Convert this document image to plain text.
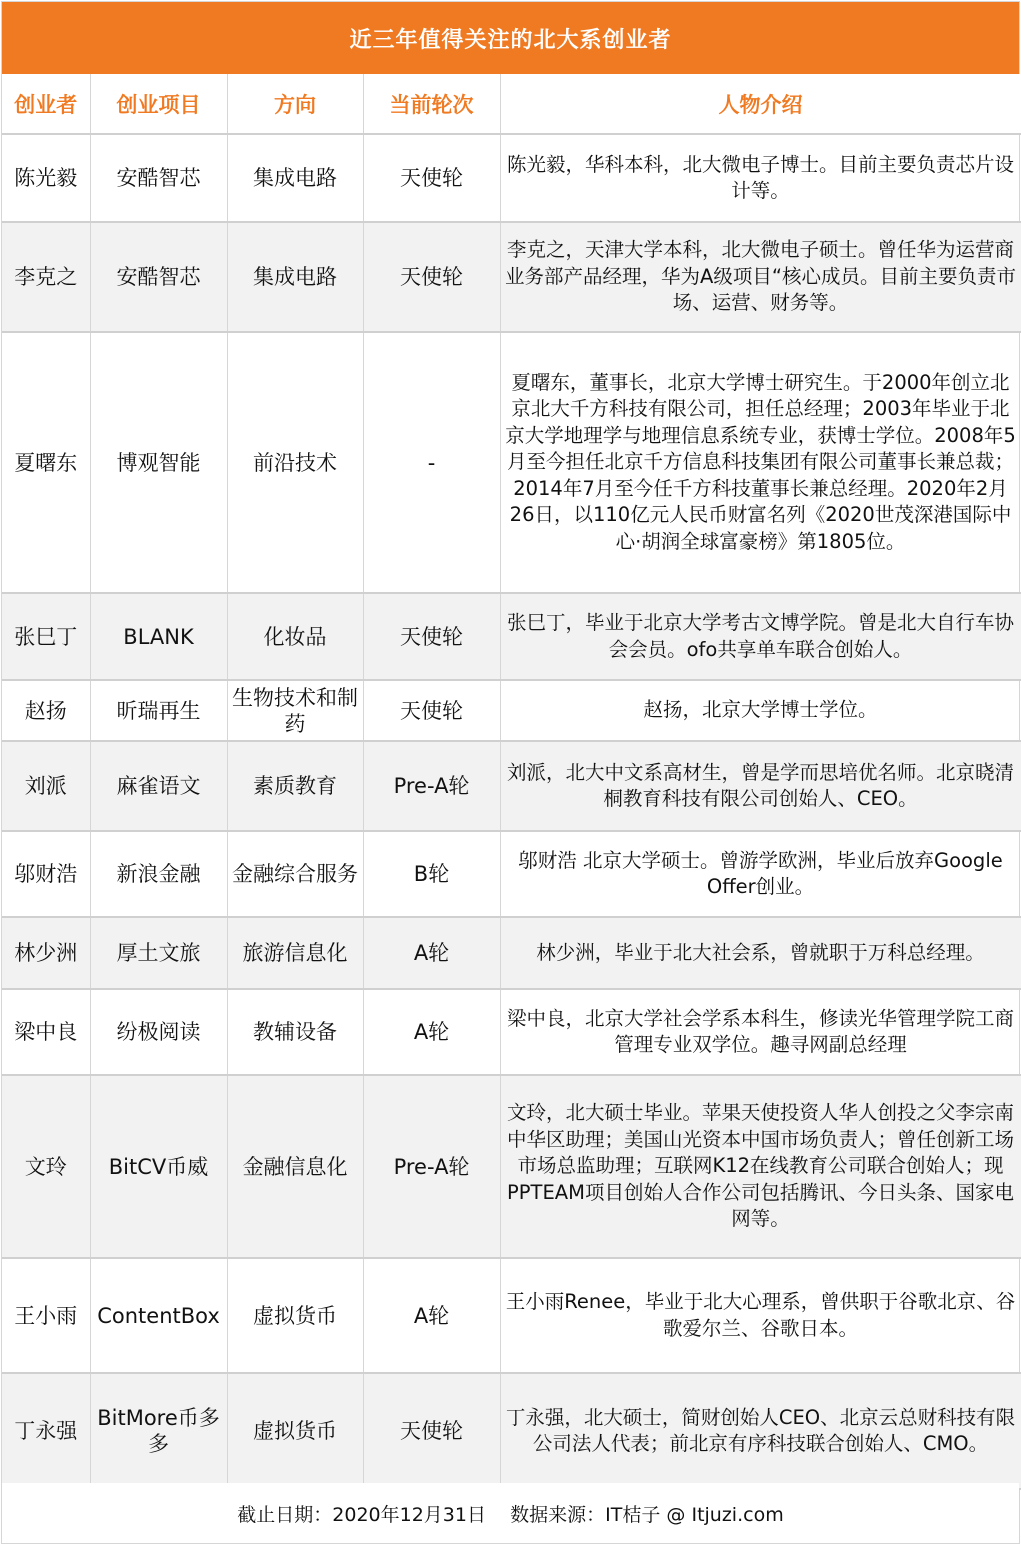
近三年值得关注的北大系创业者
创业者	创业项目	方向	当前轮次	人物介绍
陈光毅	安酷智芯	集成电路	天使轮	陈光毅，华科本科，北大微电子博士。目前主要负责芯片设计等。
李克之	安酷智芯	集成电路	天使轮	李克之，天津大学本科，北大微电子硕士。曾任华为运营商业务部产品经理，华为A级项目“核心成员。目前主要负责市场、运营、财务等。
夏曙东	博观智能	前沿技术	-	夏曙东，董事长，北京大学博士研究生。于2000年创立北京北大千方科技有限公司，担任总经理；2003年毕业于北京大学地理学与地理信息系统专业，获博士学位。2008年5月至今担任北京千方信息科技集团有限公司董事长兼总裁；2014年7月至今任千方科技董事长兼总经理。2020年2月26日，以110亿元人民币财富名列《2020世茂深港国际中心·胡润全球富豪榜》第1805位。
张巳丁	BLANK	化妆品	天使轮	张巳丁，毕业于北京大学考古文博学院。曾是北大自行车协会会员。ofo共享单车联合创始人。
赵扬	昕瑞再生	生物技术和制药	天使轮	赵扬，北京大学博士学位。
刘派	麻雀语文	素质教育	Pre-A轮	刘派，北大中文系高材生，曾是学而思培优名师。北京晓清桐教育科技有限公司创始人、CEO。
邬财浩	新浪金融	金融综合服务	B轮	邬财浩 北京大学硕士。曾游学欧洲，毕业后放弃Google Offer创业。
林少洲	厚土文旅	旅游信息化	A轮	林少洲，毕业于北大社会系，曾就职于万科总经理。
梁中良	纷极阅读	教辅设备	A轮	梁中良，北京大学社会学系本科生，修读光华管理学院工商管理专业双学位。趣寻网副总经理
文玲	BitCV币威	金融信息化	Pre-A轮	文玲，北大硕士毕业。苹果天使投资人华人创投之父李宗南中华区助理；美国山光资本中国市场负责人；曾任创新工场市场总监助理；互联网K12在线教育公司联合创始人；现PPTEAM项目创始人合作公司包括腾讯、今日头条、国家电网等。
王小雨	ContentBox	虚拟货币	A轮	王小雨Renee，毕业于北大心理系，曾供职于谷歌北京、谷歌爱尔兰、谷歌日本。
丁永强	BitMore币多多	虚拟货币	天使轮	丁永强，北大硕士，简财创始人CEO、北京云总财科技有限公司法人代表；前北京有序科技联合创始人、CMO。
截止日期：2020年12月31日
数据来源：IT桔子 @ Itjuzi.com
